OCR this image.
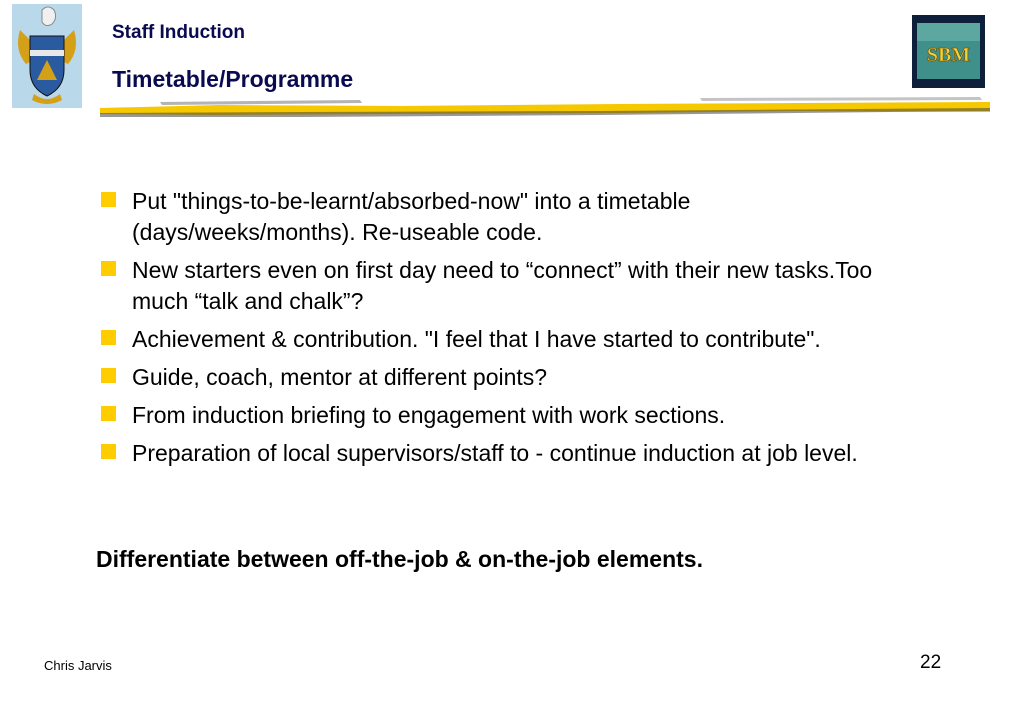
Staff Induction
Timetable/Programme
SBM
Put "things-to-be-learnt/absorbed-now" into a timetable (days/weeks/months). Re-useable code.
New starters even on first day need to “connect” with their new tasks.Too much “talk and chalk”?
Achievement & contribution. "I feel that I have started to contribute".
Guide, coach, mentor at different points?
From induction briefing to engagement with work sections.
Preparation of local supervisors/staff to - continue induction at job level.
Differentiate between off-the-job & on-the-job elements.
Chris Jarvis	22
